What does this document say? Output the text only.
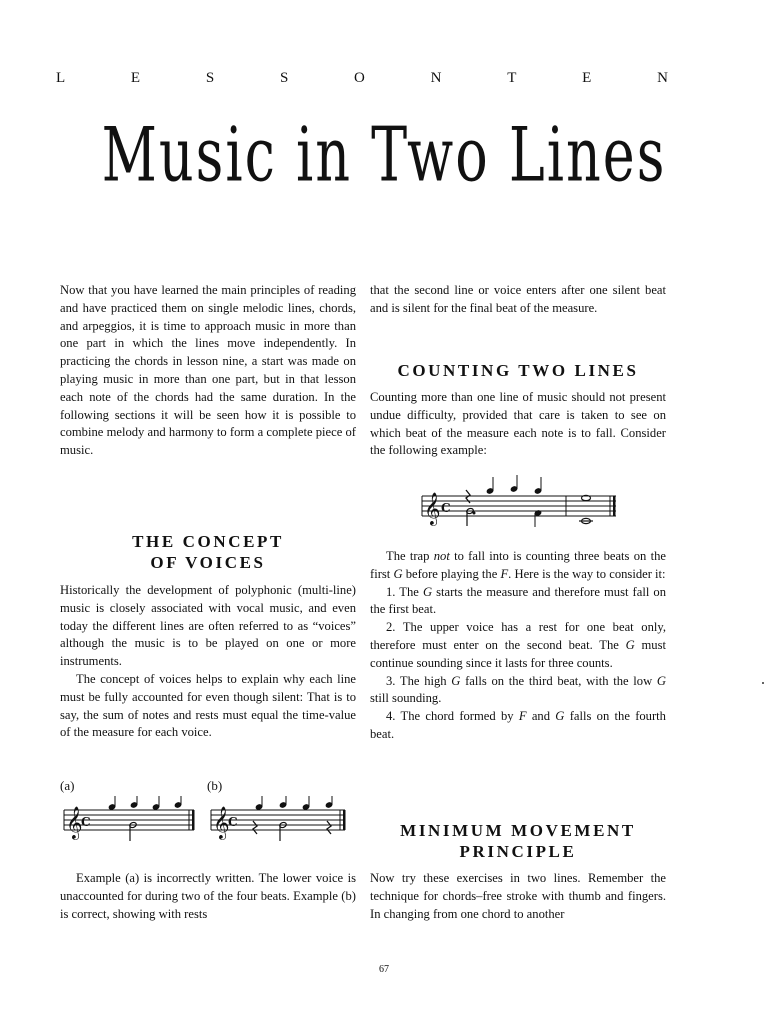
L	E	S	S	O	N	T	E	N
Music in Two Lines

Now that you have learned the main principles of reading and have practiced them on single melodic lines, chords, and arpeggios, it is time to approach music in more than one part in which the lines move independently. In practicing the chords in lesson nine, a start was made on playing music in more than one part, but in that lesson each note of the chords had the same duration. In the following sections it will be seen how it is possible to combine melody and harmony to form a complete piece of music.

THE CONCEPT
OF VOICES

Historically the development of polyphonic (multi-line) music is closely associated with vocal music, and even today the different lines are often referred to as “voices” although the music is to be played on one or more instruments.

The concept of voices helps to explain why each line must be fully accounted for even though silent: That is to say, the sum of notes and rests must equal the time-value of the measure for each voice.

(a)	(b)
𝄞
C	𝄞
C

Example (a) is incorrectly written. The lower voice is unaccounted for during two of the four beats. Example (b) is correct, showing with rests

that the second line or voice enters after one silent beat and is silent for the final beat of the measure.

COUNTING TWO LINES

Counting more than one line of music should not present undue difficulty, provided that care is taken to see on which beat of the measure each note is to fall. Consider the following example:

𝄞 C

The trap not to fall into is counting three beats on the first G before playing the F. Here is the way to consider it:

1. The G starts the measure and therefore must fall on the first beat.

2. The upper voice has a rest for one beat only, therefore must enter on the second beat. The G must continue sounding since it lasts for three counts.

3. The high G falls on the third beat, with the low G still sounding.

4. The chord formed by F and G falls on the fourth beat.

MINIMUM MOVEMENT
PRINCIPLE

Now try these exercises in two lines. Remember the technique for chords–free stroke with thumb and fingers. In changing from one chord to another

67
